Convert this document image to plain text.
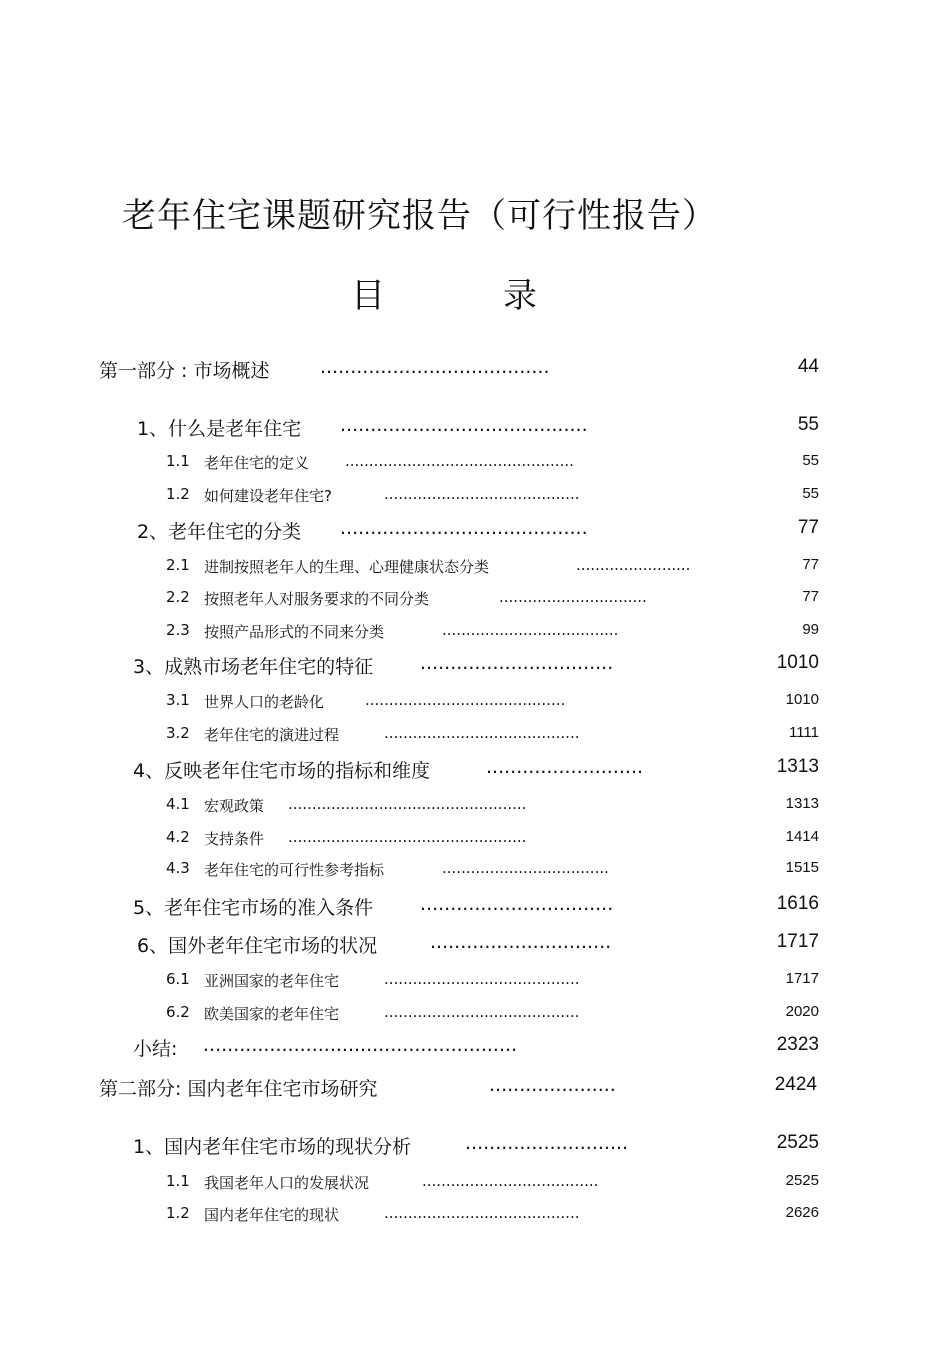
老年住宅课题研究报告（可行性报告）
目	录
第一部分 : 市场概述	......................................	44
1、什么是老年住宅 .........................................	55
1.1 老年住宅的定义 ................................................	55
1.2 如何建设老年住宅?	.........................................	55
2、老年住宅的分类 .........................................	77
2.1 进制按照老年人的生理、心理健康状态分类	........................	77
2.2 按照老年人对服务要求的不同分类	...............................	77
2.3 按照产品形式的不同来分类	.....................................	99
3、成熟市场老年住宅的特征 ................................	1010
3.1 世界人口的老龄化	..........................................	1010
3.2 老年住宅的演进过程	.........................................	1111
4、反映老年住宅市场的指标和维度	..........................	1313
4.1 宏观政策 ..................................................	1313
4.2 支持条件 ..................................................	1414
4.3 老年住宅的可行性参考指标	...................................	1515
5、老年住宅市场的准入条件 ................................	1616
6、国外老年住宅市场的状况	..............................	1717
6.1 亚洲国家的老年住宅	.........................................	1717
6.2 欧美国家的老年住宅	.........................................	2020
小结: ....................................................	2323
第二部分: 国内老年住宅市场研究	.....................	2424
1、国内老年住宅市场的现状分析	...........................	2525
1.1 我国老年人口的发展状况	.....................................	2525
1.2 国内老年住宅的现状	.........................................	2626
